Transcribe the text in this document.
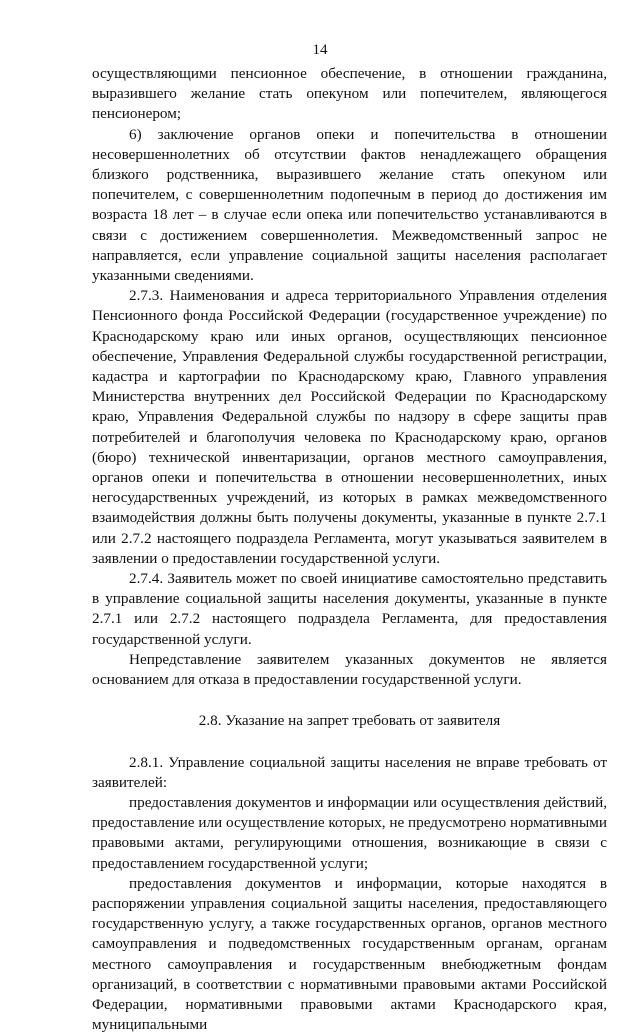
14

осуществляющими пенсионное обеспечение, в отношении гражданина, выразившего желание стать опекуном или попечителем, являющегося пенсионером;

6) заключение органов опеки и попечительства в отношении несовершеннолетних об отсутствии фактов ненадлежащего обращения близкого родственника, выразившего желание стать опекуном или попечителем, с совершеннолетним подопечным в период до достижения им возраста 18 лет – в случае если опека или попечительство устанавливаются в связи с достижением совершеннолетия. Межведомственный запрос не направляется, если управление социальной защиты населения располагает указанными сведениями.

2.7.3. Наименования и адреса территориального Управления отделения Пенсионного фонда Российской Федерации (государственное учреждение) по Краснодарскому краю или иных органов, осуществляющих пенсионное обеспечение, Управления Федеральной службы государственной регистрации, кадастра и картографии по Краснодарскому краю, Главного управления Министерства внутренних дел Российской Федерации по Краснодарскому краю, Управления Федеральной службы по надзору в сфере защиты прав потребителей и благополучия человека по Краснодарскому краю, органов (бюро) технической инвентаризации, органов местного самоуправления, органов опеки и попечительства в отношении несовершеннолетних, иных негосударственных учреждений, из которых в рамках межведомственного взаимодействия должны быть получены документы, указанные в пункте 2.7.1 или 2.7.2 настоящего подраздела Регламента, могут указываться заявителем в заявлении о предоставлении государственной услуги.

2.7.4. Заявитель может по своей инициативе самостоятельно представить в управление социальной защиты населения документы, указанные в пункте 2.7.1 или 2.7.2 настоящего подраздела Регламента, для предоставления государственной услуги.

Непредставление заявителем указанных документов не является основанием для отказа в предоставлении государственной услуги.

2.8. Указание на запрет требовать от заявителя

2.8.1. Управление социальной защиты населения не вправе требовать от заявителей:

предоставления документов и информации или осуществления действий, предоставление или осуществление которых, не предусмотрено нормативными правовыми актами, регулирующими отношения, возникающие в связи с предоставлением государственной услуги;

предоставления документов и информации, которые находятся в распоряжении управления социальной защиты населения, предоставляющего государственную услугу, а также государственных органов, органов местного самоуправления и подведомственных государственным органам, органам местного самоуправления и государственным внебюджетным фондам организаций, в соответствии с нормативными правовыми актами Российской Федерации, нормативными правовыми актами Краснодарского края, муниципальными
